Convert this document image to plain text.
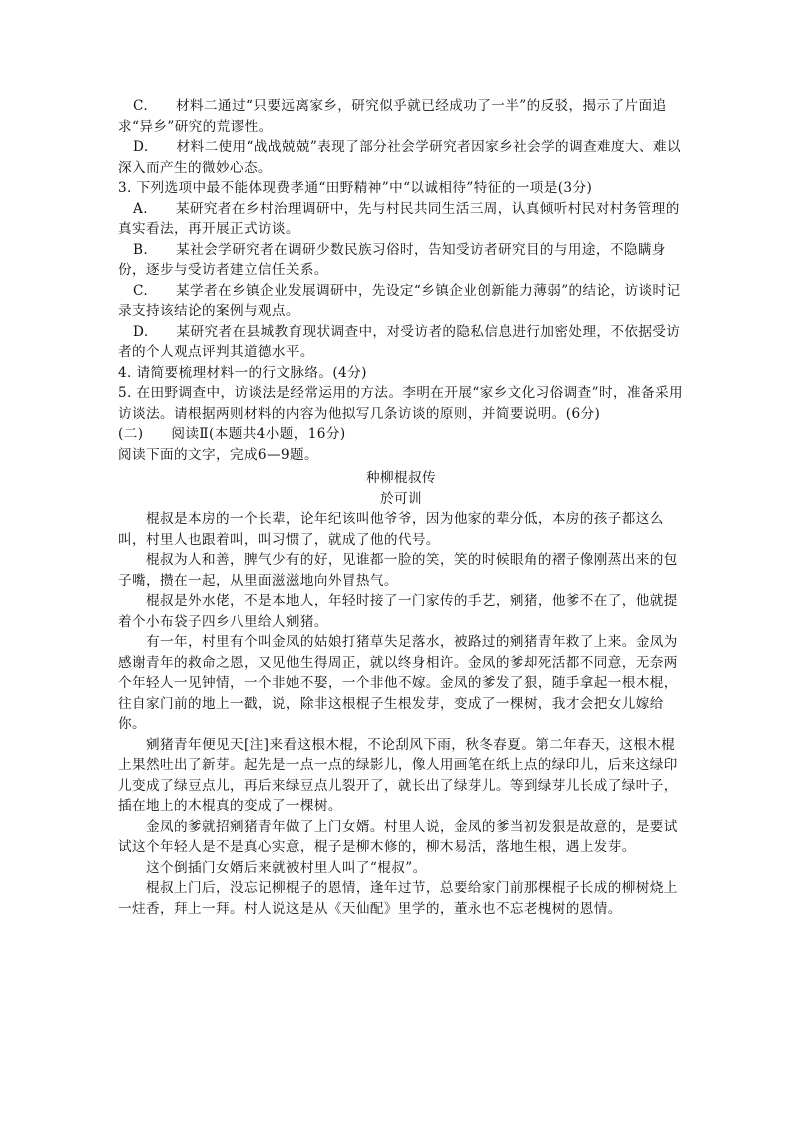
C.　　材料二通过“只要远离家乡，研究似乎就已经成功了一半”的反驳，揭示了片面追求“异乡”研究的荒谬性。

D.　　材料二使用“战战兢兢”表现了部分社会学研究者因家乡社会学的调查难度大、难以深入而产生的微妙心态。

3. 下列选项中最不能体现费孝通“田野精神”中“以诚相待”特征的一项是(3分)

A.　　某研究者在乡村治理调研中，先与村民共同生活三周，认真倾听村民对村务管理的真实看法，再开展正式访谈。

B.　　某社会学研究者在调研少数民族习俗时，告知受访者研究目的与用途，不隐瞒身份，逐步与受访者建立信任关系。

C.　　某学者在乡镇企业发展调研中，先设定“乡镇企业创新能力薄弱”的结论，访谈时记录支持该结论的案例与观点。

D.　　某研究者在县城教育现状调查中，对受访者的隐私信息进行加密处理，不依据受访者的个人观点评判其道德水平。

4. 请简要梳理材料一的行文脉络。(4分)

5. 在田野调查中，访谈法是经常运用的方法。李明在开展“家乡文化习俗调查”时，准备采用访谈法。请根据两则材料的内容为他拟写几条访谈的原则，并简要说明。(6分)

(二)　　阅读Ⅱ(本题共4小题，16分)

阅读下面的文字，完成6—9题。

种柳棍叔传

於可训

棍叔是本房的一个长辈，论年纪该叫他爷爷，因为他家的辈分低，本房的孩子都这么叫，村里人也跟着叫，叫习惯了，就成了他的代号。

棍叔为人和善，脾气少有的好，见谁都一脸的笑，笑的时候眼角的褶子像刚蒸出来的包子嘴，攒在一起，从里面滋滋地向外冒热气。

棍叔是外水佬，不是本地人，年轻时接了一门家传的手艺，剜猪，他爹不在了，他就提着个小布袋子四乡八里给人剜猪。

有一年，村里有个叫金凤的姑娘打猪草失足落水，被路过的剜猪青年救了上来。金凤为感谢青年的救命之恩，又见他生得周正，就以终身相许。金凤的爹却死活都不同意，无奈两个年轻人一见钟情，一个非她不娶，一个非他不嫁。金凤的爹发了狠，随手拿起一根木棍，往自家门前的地上一戳，说，除非这根棍子生根发芽，变成了一棵树，我才会把女儿嫁给你。

剜猪青年便见天[注]来看这根木棍，不论刮风下雨，秋冬春夏。第二年春天，这根木棍上果然吐出了新芽。起先是一点一点的绿影儿，像人用画笔在纸上点的绿印儿，后来这绿印儿变成了绿豆点儿，再后来绿豆点儿裂开了，就长出了绿芽儿。等到绿芽儿长成了绿叶子，插在地上的木棍真的变成了一棵树。

金凤的爹就招剜猪青年做了上门女婿。村里人说，金凤的爹当初发狠是故意的，是要试试这个年轻人是不是真心实意，棍子是柳木修的，柳木易活，落地生根，遇上发芽。

这个倒插门女婿后来就被村里人叫了“棍叔”。

棍叔上门后，没忘记柳棍子的恩情，逢年过节，总要给家门前那棵棍子长成的柳树烧上一炷香，拜上一拜。村人说这是从《天仙配》里学的，董永也不忘老槐树的恩情。
